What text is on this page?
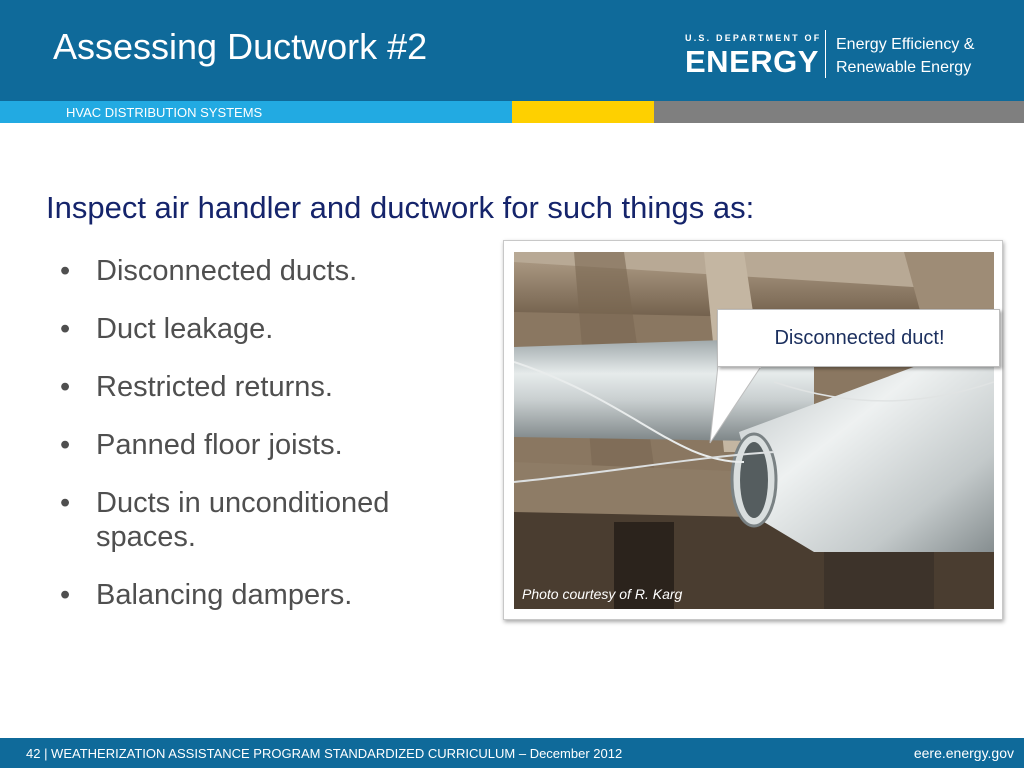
Assessing Ductwork #2	U.S. DEPARTMENT OF
ENERGY Energy Efficiency &
Renewable Energy
HVAC DISTRIBUTION SYSTEMS
Inspect air handler and ductwork for such things as:
• Disconnected ducts.
• Duct leakage.
• Restricted returns.
• Panned floor joists.
• Ducts in unconditioned spaces.
• Balancing dampers.	Photo courtesy of R. Karg
Disconnected duct!
42 | WEATHERIZATION ASSISTANCE PROGRAM STANDARDIZED CURRICULUM – December 2012	eere.energy.gov
